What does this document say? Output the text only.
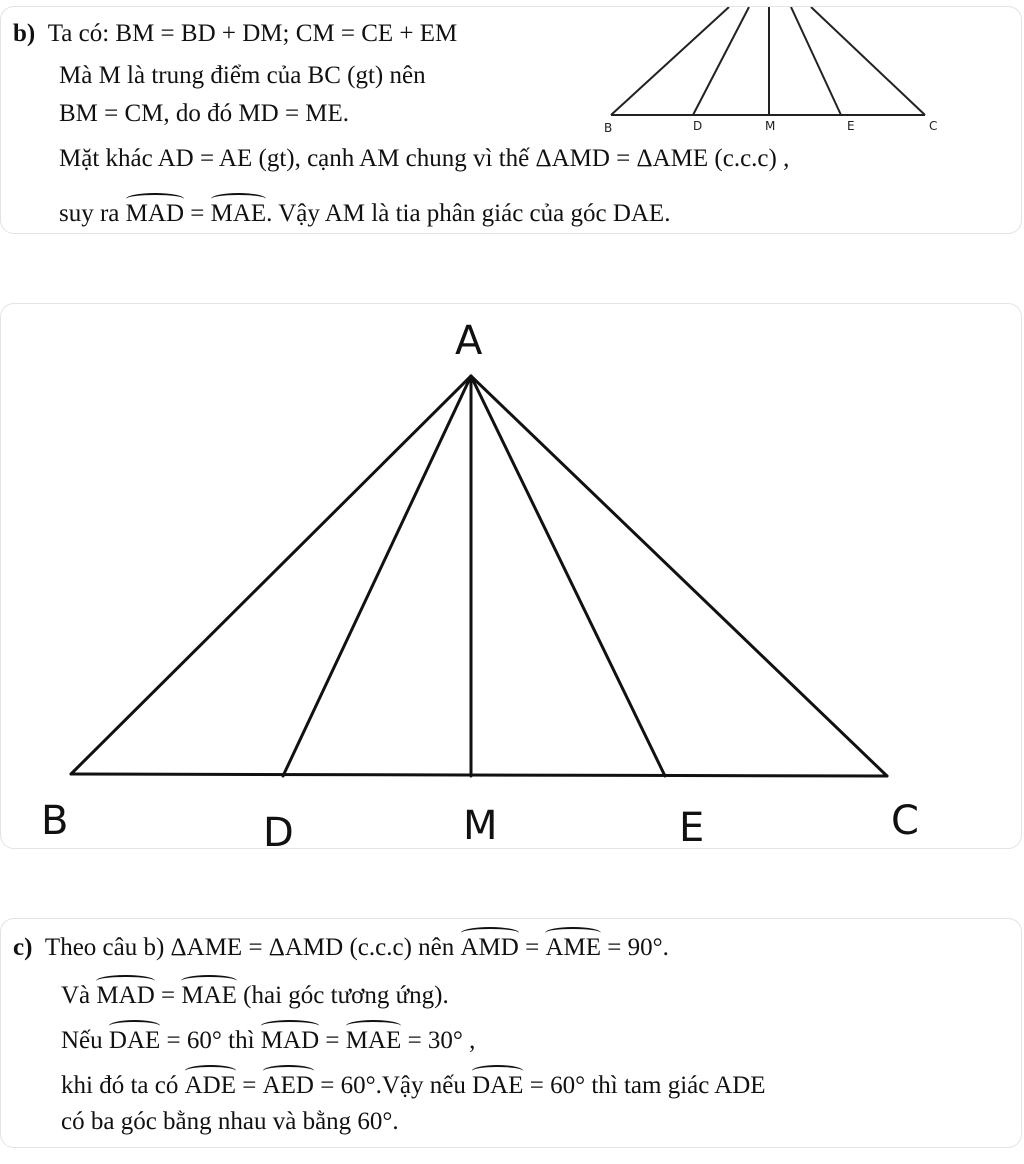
b) Ta có: BM = BD + DM; CM = CE + EM
Mà M là trung điểm của BC (gt) nên
BM = CM, do đó MD = ME.
Mặt khác AD = AE (gt), cạnh AM chung vì thế ΔAMD = ΔAME (c.c.c) ,
suy ra MAD = MAE. Vậy AM là tia phân giác của góc DAE.
B	D	M	E	C
A
B	D	M	E	C
c) Theo câu b) ΔAME = ΔAMD (c.c.c) nên AMD = AME = 90°.
Và MAD = MAE (hai góc tương ứng).
Nếu DAE = 60° thì MAD = MAE = 30° ,
khi đó ta có ADE = AED = 60°.Vậy nếu DAE = 60° thì tam giác ADE
có ba góc bằng nhau và bằng 60°.
